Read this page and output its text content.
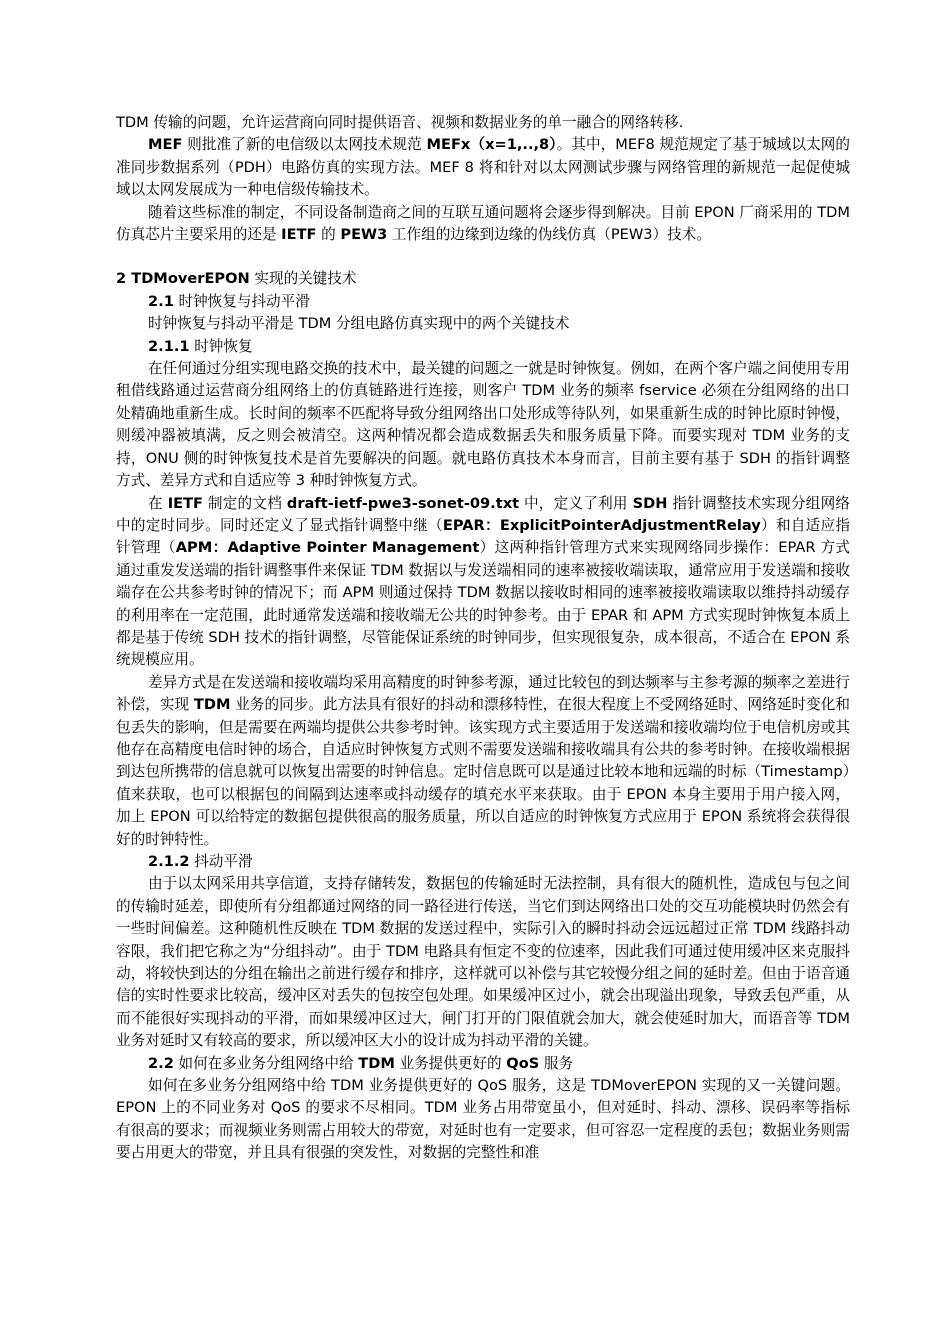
TDM 传输的问题，允许运营商向同时提供语音、视频和数据业务的单一融合的网络转移.

MEF 则批准了新的电信级以太网技术规范 MEFx（x=1,..,8）。其中，MEF8 规范规定了基于城域以太网的准同步数据系列（PDH）电路仿真的实现方法。MEF 8 将和针对以太网测试步骤与网络管理的新规范一起促使城域以太网发展成为一种电信级传输技术。

随着这些标准的制定，不同设备制造商之间的互联互通问题将会逐步得到解决。目前 EPON 厂商采用的 TDM 仿真芯片主要采用的还是 IETF 的 PEW3 工作组的边缘到边缘的伪线仿真（PEW3）技术。

2 TDMoverEPON 实现的关键技术

2.1 时钟恢复与抖动平滑

时钟恢复与抖动平滑是 TDM 分组电路仿真实现中的两个关键技术

2.1.1 时钟恢复

在任何通过分组实现电路交换的技术中，最关键的问题之一就是时钟恢复。例如，在两个客户端之间使用专用租借线路通过运营商分组网络上的仿真链路进行连接，则客户 TDM 业务的频率 fservice 必须在分组网络的出口处精确地重新生成。长时间的频率不匹配将导致分组网络出口处形成等待队列，如果重新生成的时钟比原时钟慢，则缓冲器被填满，反之则会被清空。这两种情况都会造成数据丢失和服务质量下降。而要实现对 TDM 业务的支持，ONU 侧的时钟恢复技术是首先要解决的问题。就电路仿真技术本身而言，目前主要有基于 SDH 的指针调整方式、差异方式和自适应等 3 种时钟恢复方式。

在 IETF 制定的文档 draft-ietf-pwe3-sonet-09.txt 中，定义了利用 SDH 指针调整技术实现分组网络中的定时同步。同时还定义了显式指针调整中继（EPAR：ExplicitPointerAdjustmentRelay）和自适应指针管理（APM：Adaptive Pointer Management）这两种指针管理方式来实现网络同步操作：EPAR 方式通过重发发送端的指针调整事件来保证 TDM 数据以与发送端相同的速率被接收端读取，通常应用于发送端和接收端存在公共参考时钟的情况下；而 APM 则通过保持 TDM 数据以接收时相同的速率被接收端读取以维持抖动缓存的利用率在一定范围，此时通常发送端和接收端无公共的时钟参考。由于 EPAR 和 APM 方式实现时钟恢复本质上都是基于传统 SDH 技术的指针调整，尽管能保证系统的时钟同步，但实现很复杂，成本很高，不适合在 EPON 系统规模应用。

差异方式是在发送端和接收端均采用高精度的时钟参考源，通过比较包的到达频率与主参考源的频率之差进行补偿，实现 TDM 业务的同步。此方法具有很好的抖动和漂移特性，在很大程度上不受网络延时、网络延时变化和包丢失的影响，但是需要在两端均提供公共参考时钟。该实现方式主要适用于发送端和接收端均位于电信机房或其他存在高精度电信时钟的场合，自适应时钟恢复方式则不需要发送端和接收端具有公共的参考时钟。在接收端根据到达包所携带的信息就可以恢复出需要的时钟信息。定时信息既可以是通过比较本地和远端的时标（Timestamp）值来获取，也可以根据包的间隔到达速率或抖动缓存的填充水平来获取。由于 EPON 本身主要用于用户接入网，加上 EPON 可以给特定的数据包提供很高的服务质量，所以自适应的时钟恢复方式应用于 EPON 系统将会获得很好的时钟特性。

2.1.2 抖动平滑

由于以太网采用共享信道，支持存储转发，数据包的传输延时无法控制，具有很大的随机性，造成包与包之间的传输时延差，即使所有分组都通过网络的同一路径进行传送，当它们到达网络出口处的交互功能模块时仍然会有一些时间偏差。这种随机性反映在 TDM 数据的发送过程中，实际引入的瞬时抖动会远远超过正常 TDM 线路抖动容限，我们把它称之为“分组抖动”。由于 TDM 电路具有恒定不变的位速率，因此我们可通过使用缓冲区来克服抖动，将较快到达的分组在输出之前进行缓存和排序，这样就可以补偿与其它较慢分组之间的延时差。但由于语音通信的实时性要求比较高，缓冲区对丢失的包按空包处理。如果缓冲区过小，就会出现溢出现象，导致丢包严重，从而不能很好实现抖动的平滑，而如果缓冲区过大，闸门打开的门限值就会加大，就会使延时加大，而语音等 TDM 业务对延时又有较高的要求，所以缓冲区大小的设计成为抖动平滑的关键。

2.2 如何在多业务分组网络中给 TDM 业务提供更好的 QoS 服务

如何在多业务分组网络中给 TDM 业务提供更好的 QoS 服务，这是 TDMoverEPON 实现的又一关键问题。EPON 上的不同业务对 QoS 的要求不尽相同。TDM 业务占用带宽虽小，但对延时、抖动、漂移、误码率等指标有很高的要求；而视频业务则需占用较大的带宽，对延时也有一定要求，但可容忍一定程度的丢包；数据业务则需要占用更大的带宽，并且具有很强的突发性，对数据的完整性和准
